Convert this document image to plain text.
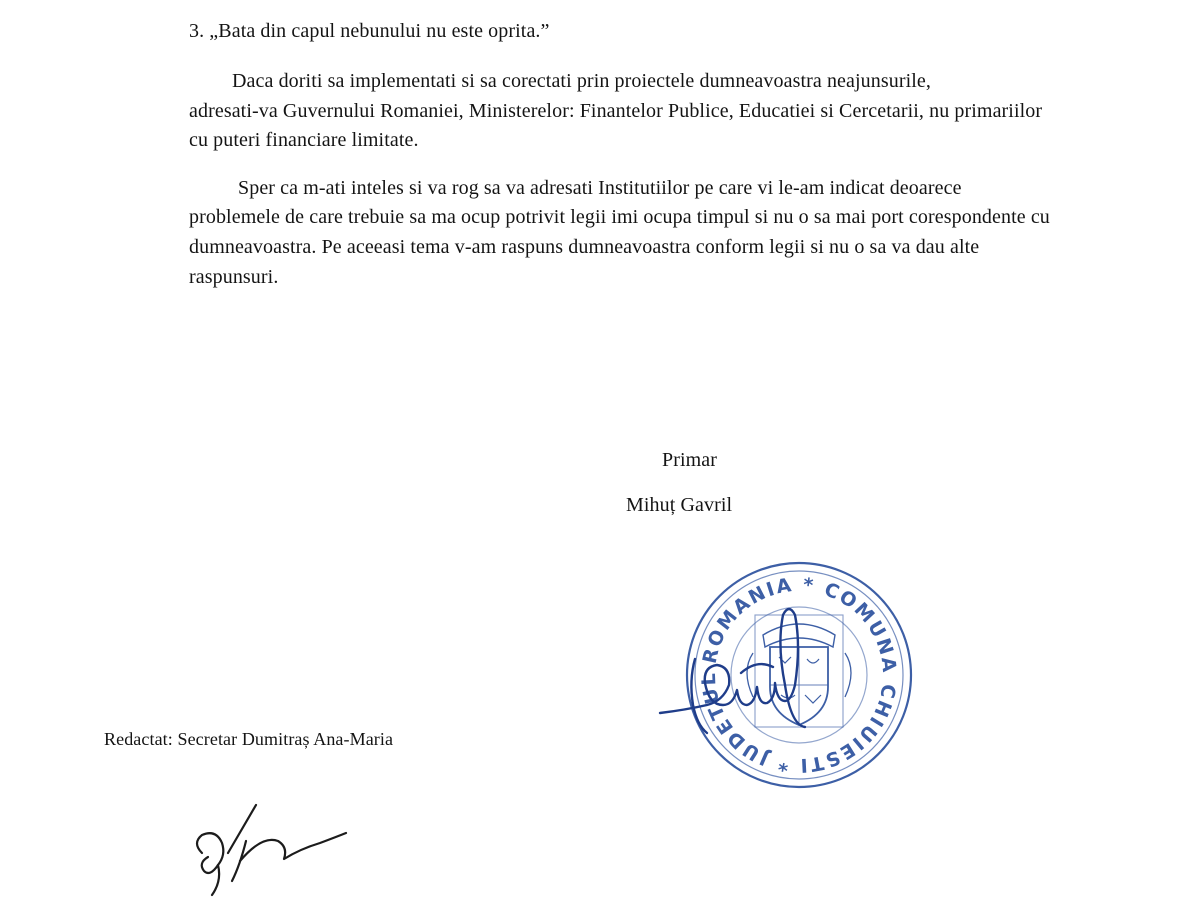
3. „Bata din capul nebunului nu este oprita.”
Daca doriti sa implementati si sa corectati prin proiectele dumneavoastra neajunsurile,
adresati-va Guvernului Romaniei, Ministerelor: Finantelor Publice, Educatiei si Cercetarii, nu primariilor
cu puteri financiare limitate.
Sper ca m-ati inteles si va rog sa va adresati Institutiilor pe care vi le-am indicat deoarece
problemele de care trebuie sa ma ocup potrivit legii imi ocupa timpul si nu o sa mai port corespondente cu
dumneavoastra. Pe aceeasi tema v-am raspuns dumneavoastra conform legii si nu o sa va dau alte
raspunsuri.
Primar
Mihuț Gavril
Redactat: Secretar Dumitraș Ana-Maria
ROMANIA * COMUNA CHIUIESTI * JUDETUL
